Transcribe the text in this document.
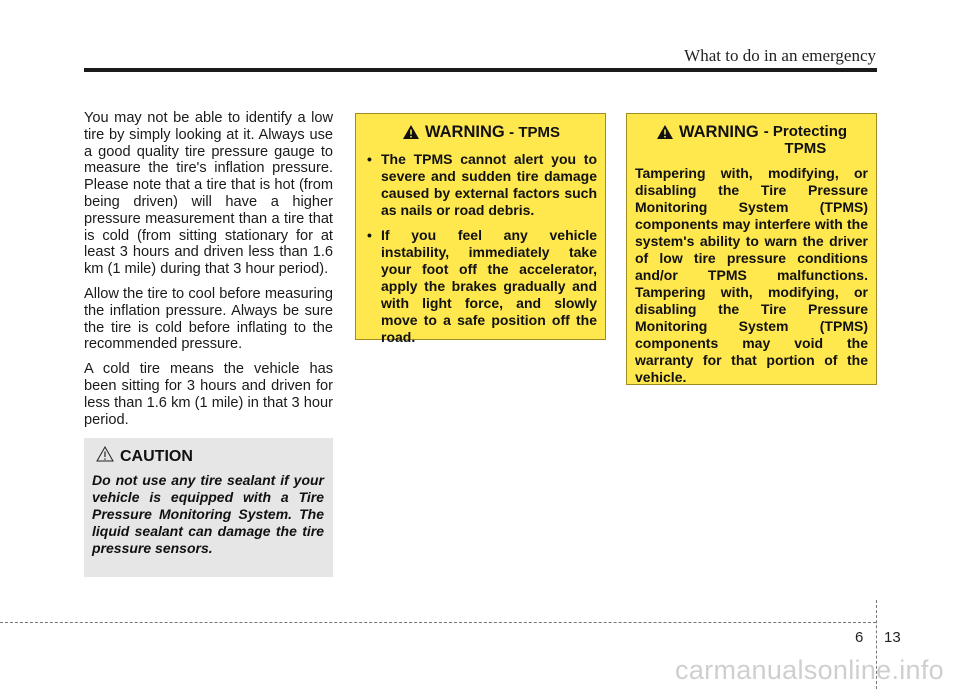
What to do in an emergency

You may not be able to identify a low tire by simply looking at it. Always use a good quality tire pressure gauge to measure the tire's inflation pressure. Please note that a tire that is hot (from being driven) will have a higher pressure measurement than a tire that is cold (from sitting stationary for at least 3 hours and driven less than 1.6 km (1 mile) during that 3 hour period).

Allow the tire to cool before measuring the inflation pressure. Always be sure the tire is cold before inflating to the recommended pressure.

A cold tire means the vehicle has been sitting for 3 hours and driven for less than 1.6 km (1 mile) in that 3 hour period.

CAUTION
Do not use any tire sealant if your vehicle is equipped with a Tire Pressure Monitoring System. The liquid sealant can damage the tire pressure sensors.
WARNING - TPMS
• The TPMS cannot alert you to severe and sudden tire damage caused by external factors such as nails or road debris.
• If you feel any vehicle instability, immediately take your foot off the accelerator, apply the brakes gradually and with light force, and slowly move to a safe position off the road.
WARNING - Protecting
TPMS
Tampering with, modifying, or disabling the Tire Pressure Monitoring System (TPMS) components may interfere with the system's ability to warn the driver of low tire pressure conditions and/or TPMS malfunctions. Tampering with, modifying, or disabling the Tire Pressure Monitoring System (TPMS) components may void the warranty for that portion of the vehicle.
6 13
carmanualsonline.info
